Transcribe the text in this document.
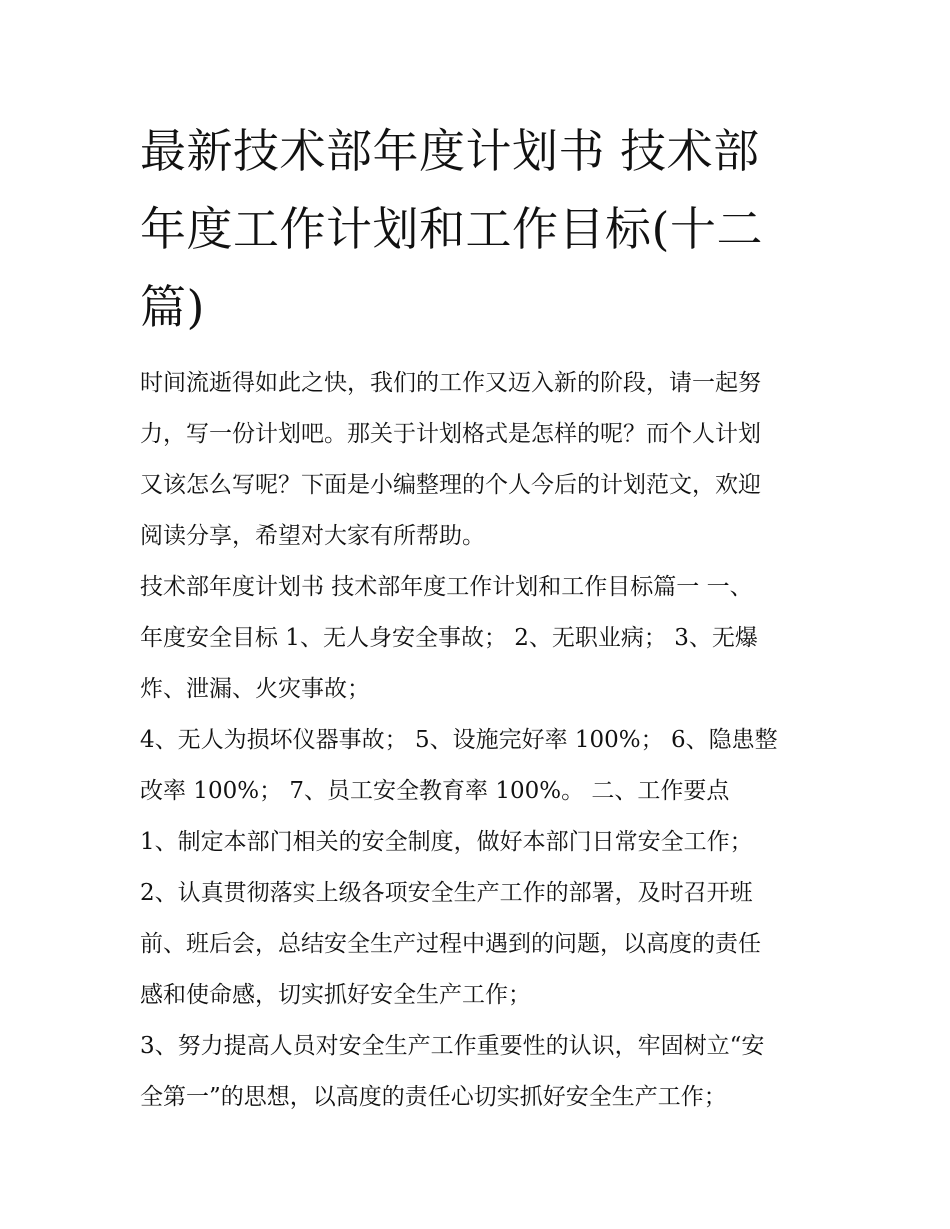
最新技术部年度计划书 技术部
年度工作计划和工作目标(十二
篇)

时间流逝得如此之快，我们的工作又迈入新的阶段，请一起努
力，写一份计划吧。那关于计划格式是怎样的呢？而个人计划
又该怎么写呢？下面是小编整理的个人今后的计划范文，欢迎
阅读分享，希望对大家有所帮助。

技术部年度计划书 技术部年度工作计划和工作目标篇一 一、
年度安全目标 1、无人身安全事故； 2、无职业病； 3、无爆
炸、泄漏、火灾事故；

4、无人为损坏仪器事故； 5、设施完好率 100%； 6、隐患整
改率 100%； 7、员工安全教育率 100%。 二、工作要点

1、制定本部门相关的安全制度，做好本部门日常安全工作；

2、认真贯彻落实上级各项安全生产工作的部署，及时召开班
前、班后会，总结安全生产过程中遇到的问题，以高度的责任
感和使命感，切实抓好安全生产工作；

3、努力提高人员对安全生产工作重要性的认识，牢固树立“安
全第一”的思想，以高度的责任心切实抓好安全生产工作；
